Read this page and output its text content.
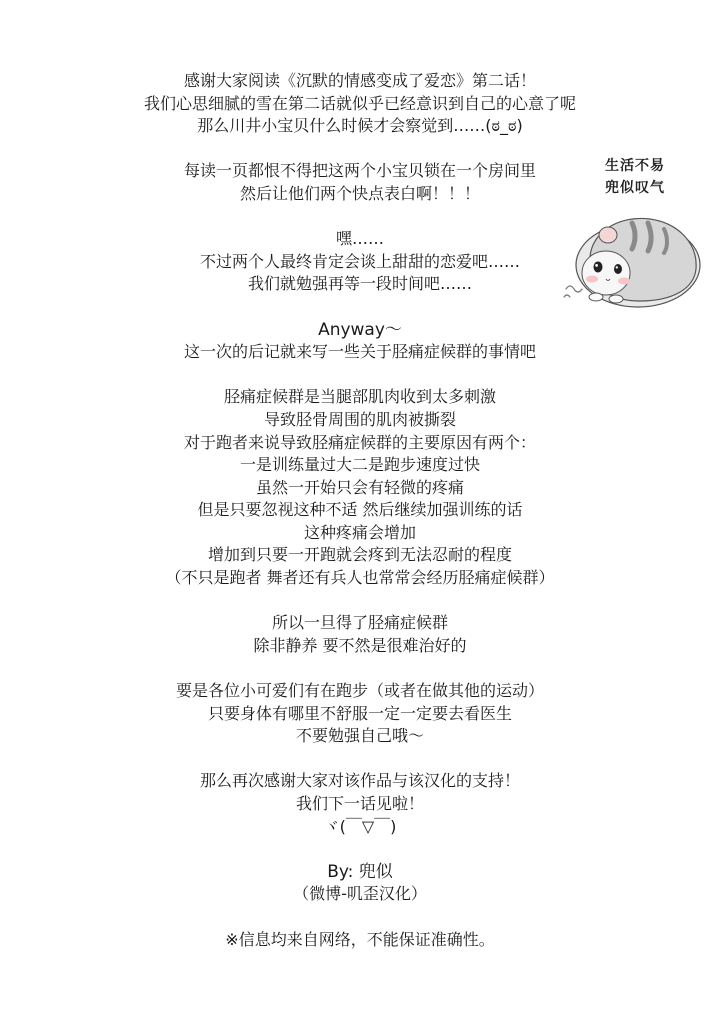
感谢大家阅读《沉默的情感变成了爱恋》第二话！
我们心思细腻的雪在第二话就似乎已经意识到自己的心意了呢
那么川井小宝贝什么时候才会察觉到……(ಠ_ಠ)
每读一页都恨不得把这两个小宝贝锁在一个房间里
然后让他们两个快点表白啊！！！
嘿……
不过两个人最终肯定会谈上甜甜的恋爱吧……
我们就勉强再等一段时间吧……
Anyway～
这一次的后记就来写一些关于胫痛症候群的事情吧
胫痛症候群是当腿部肌肉收到太多刺激
导致胫骨周围的肌肉被撕裂
对于跑者来说导致胫痛症候群的主要原因有两个：
一是训练量过大二是跑步速度过快
虽然一开始只会有轻微的疼痛
但是只要忽视这种不适 然后继续加强训练的话
这种疼痛会增加
增加到只要一开跑就会疼到无法忍耐的程度
（不只是跑者 舞者还有兵人也常常会经历胫痛症候群）
所以一旦得了胫痛症候群
除非静养 要不然是很难治好的
要是各位小可爱们有在跑步（或者在做其他的运动）
只要身体有哪里不舒服一定一定要去看医生
不要勉强自己哦～
那么再次感谢大家对该作品与该汉化的支持！
我们下一话见啦！
ヾ(￣▽￣)
By: 兜似
（微博-叽歪汉化）
※信息均来自网络，不能保证准确性。
生活不易
兜似叹气
